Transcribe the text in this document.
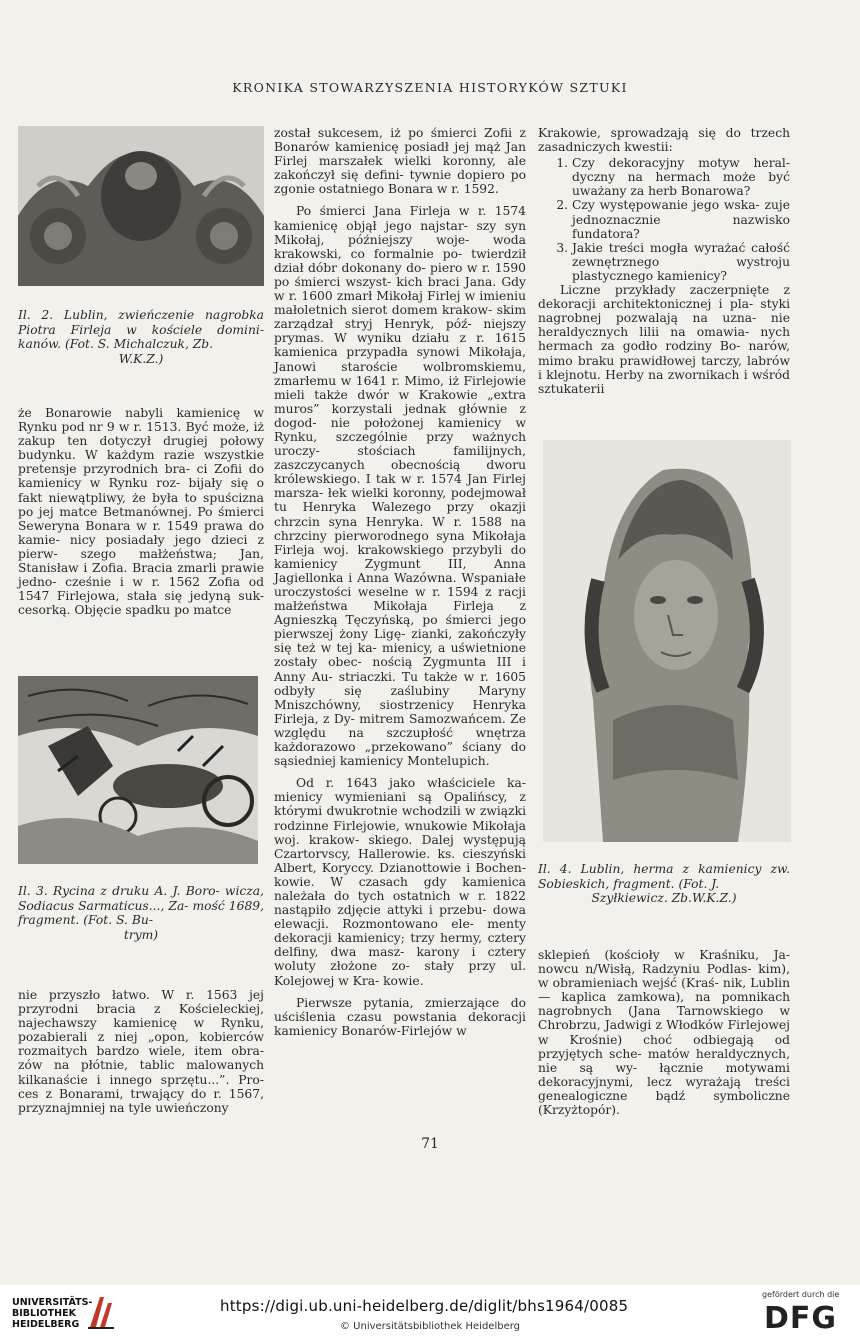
KRONIKA STOWARZYSZENIA HISTORYKÓW SZTUKI
Il. 2. Lublin, zwieńczenie nagrobka Piotra Firleja w kościele domini- kanów. (Fot. S. Michalczuk, Zb.
W.K.Z.)

że Bonarowie nabyli kamienicę w Rynku pod nr 9 w r. 1513. Być może, iż zakup ten dotyczył drugiej połowy budynku. W każdym razie wszystkie pretensje przyrodnich bra- ci Zofii do kamienicy w Rynku roz- bijały się o fakt niewątpliwy, że była to spuścizna po jej matce Betmanównej. Po śmierci Seweryna Bonara w r. 1549 prawa do kamie- nicy posiadały jego dzieci z pierw- szego małżeństwa; Jan, Stanisław i Zofia. Bracia zmarli prawie jedno- cześnie i w r. 1562 Zofia od 1547 Firlejowa, stała się jedyną suk- cesorką. Objęcie spadku po matce

Il. 3. Rycina z druku A. J. Boro- wicza, Sodiacus Sarmaticus..., Za- mość 1689, fragment. (Fot. S. Bu-
trym)

nie przyszło łatwo. W r. 1563 jej przyrodni bracia z Kościeleckiej, najechawszy kamienicę w Rynku, pozabierali z niej „opon, kobierców rozmaitych bardzo wiele, item obra- zów na płótnie, tablic malowanych kilkanaście i innego sprzętu...”. Pro- ces z Bonarami, trwający do r. 1567, przyznajmniej na tyle uwieńczony

został sukcesem, iż po śmierci Zofii z Bonarów kamienicę posiadł jej mąż Jan Firlej marszałek wielki koronny, ale zakończył się defini- tywnie dopiero po zgonie ostatniego Bonara w r. 1592.

Po śmierci Jana Firleja w r. 1574 kamienicę objął jego najstar- szy syn Mikołaj, późniejszy woje- woda krakowski, co formalnie po- twierdził dział dóbr dokonany do- piero w r. 1590 po śmierci wszyst- kich braci Jana. Gdy w r. 1600 zmarł Mikołaj Firlej w imieniu małoletnich sierot domem krakow- skim zarządzał stryj Henryk, póź- niejszy prymas. W wyniku działu z r. 1615 kamienica przypadła synowi Mikołaja, Janowi staroście wolbromskiemu, zmarłemu w 1641 r. Mimo, iż Firlejowie mieli także dwór w Krakowie „extra muros” korzystali jednak głównie z dogod- nie położonej kamienicy w Rynku, szczególnie przy ważnych uroczy- stościach familijnych, zaszczycanych obecnością dworu królewskiego. I tak w r. 1574 Jan Firlej marsza- łek wielki koronny, podejmował tu Henryka Walezego przy okazji chrzcin syna Henryka. W r. 1588 na chrzciny pierworodnego syna Mikołaja Firleja woj. krakowskiego przybyli do kamienicy Zygmunt III, Anna Jagiellonka i Anna Wazówna. Wspaniałe uroczystości weselne w r. 1594 z racji małżeństwa Mikołaja Firleja z Agnieszką Tęczyńską, po śmierci jego pierwszej żony Ligę- zianki, zakończyły się też w tej ka- mienicy, a uświetnione zostały obec- nością Zygmunta III i Anny Au- striaczki. Tu także w r. 1605 odbyły się zaślubiny Maryny Mniszchówny, siostrzenicy Henryka Firleja, z Dy- mitrem Samozwańcem. Ze względu na szczupłość wnętrza każdorazowo „przekowano” ściany do sąsiedniej kamienicy Montelupich.

Od r. 1643 jako właściciele ka- mienicy wymieniani są Opalińscy, z którymi dwukrotnie wchodzili w związki rodzinne Firlejowie, wnukowie Mikołaja woj. krakow- skiego. Dalej występują Czartorvscy, Hallerowie. ks. cieszyński Albert, Koryccy. Dzianottowie i Bochen- kowie. W czasach gdy kamienica należała do tych ostatnich w r. 1822 nastąpiło zdjęcie attyki i przebu- dowa elewacji. Rozmontowano ele- menty dekoracji kamienicy; trzy hermy, cztery delfiny, dwa masz- karony i cztery woluty złożone zo- stały przy ul. Kolejowej w Kra- kowie.

Pierwsze pytania, zmierzające do uściślenia czasu powstania dekoracji kamienicy Bonarów-Firlejów w

Krakowie, sprowadzają się do trzech zasadniczych kwestii:

1. Czy dekoracyjny motyw heral- dyczny na hermach może być uważany za herb Bonarowa?
2. Czy występowanie jego wska- zuje jednoznacznie nazwisko fundatora?
3. Jakie treści mogła wyrażać całość zewnętrznego wystroju plastycznego kamienicy?

Liczne przykłady zaczerpnięte z dekoracji architektonicznej i pla- styki nagrobnej pozwalają na uzna- nie heraldycznych lilii na omawia- nych hermach za godło rodziny Bo- narów, mimo braku prawidłowej tarczy, labrów i klejnotu. Herby na zwornikach i wśród sztukaterii

Il. 4. Lublin, herma z kamienicy zw. Sobieskich, fragment. (Fot. J.
Szyłkiewicz. Zb.W.K.Z.)

sklepień (kościoły w Kraśniku, Ja- nowcu n/Wisłą, Radzyniu Podlas- kim), w obramieniach wejść (Kraś- nik, Lublin — kaplica zamkowa), na pomnikach nagrobnych (Jana Tarnowskiego w Chrobrzu, Jadwigi z Włodków Firlejowej w Krośnie) choć odbiegają od przyjętych sche- matów heraldycznych, nie są wy- łącznie motywami dekoracyjnymi, lecz wyrażają treści genealogiczne bądź symboliczne (Krzyżtopór).

71
UNIVERSITÄTS-
BIBLIOTHEK
HEIDELBERG
https://digi.ub.uni-heidelberg.de/diglit/bhs1964/0085
© Universitätsbibliothek Heidelberg
gefördert durch die
DFG
